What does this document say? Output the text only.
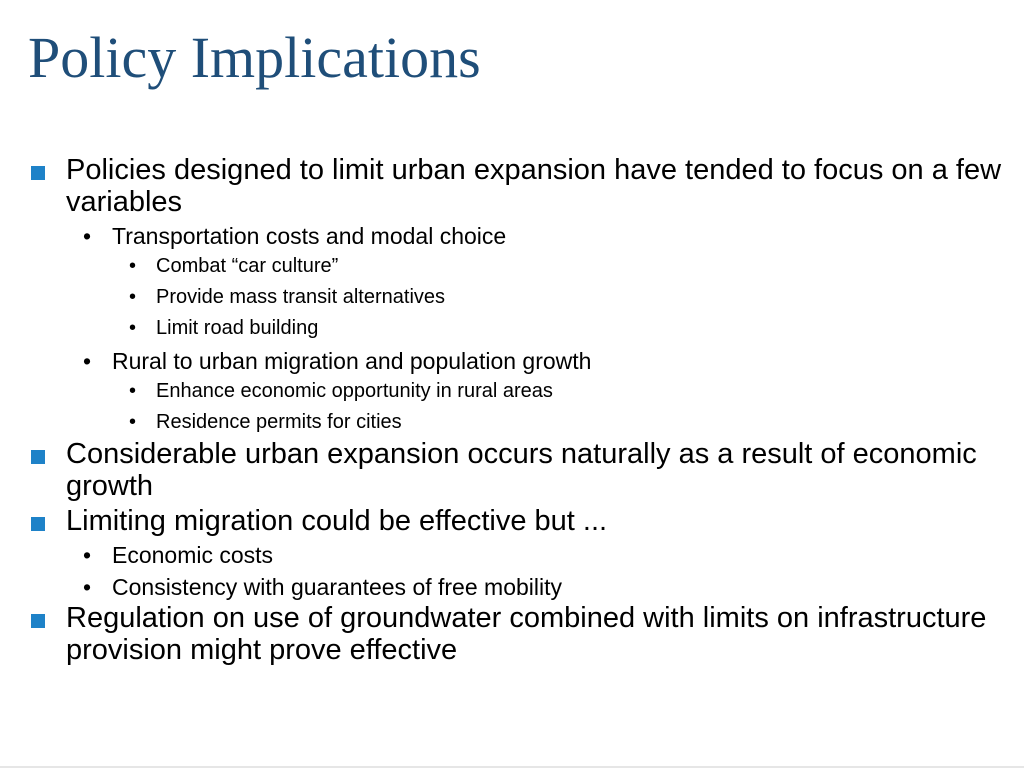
Policy Implications
Policies designed to limit urban expansion have tended to focus on a few variables
• Transportation costs and modal choice
• Combat “car culture”
• Provide mass transit alternatives
• Limit road building
• Rural to urban migration and population growth
• Enhance economic opportunity in rural areas
• Residence permits for cities
Considerable urban expansion occurs naturally as a result of economic growth
Limiting migration could be effective but ...
• Economic costs
• Consistency with guarantees of free mobility
Regulation on use of groundwater combined with limits on infrastructure provision might prove effective
